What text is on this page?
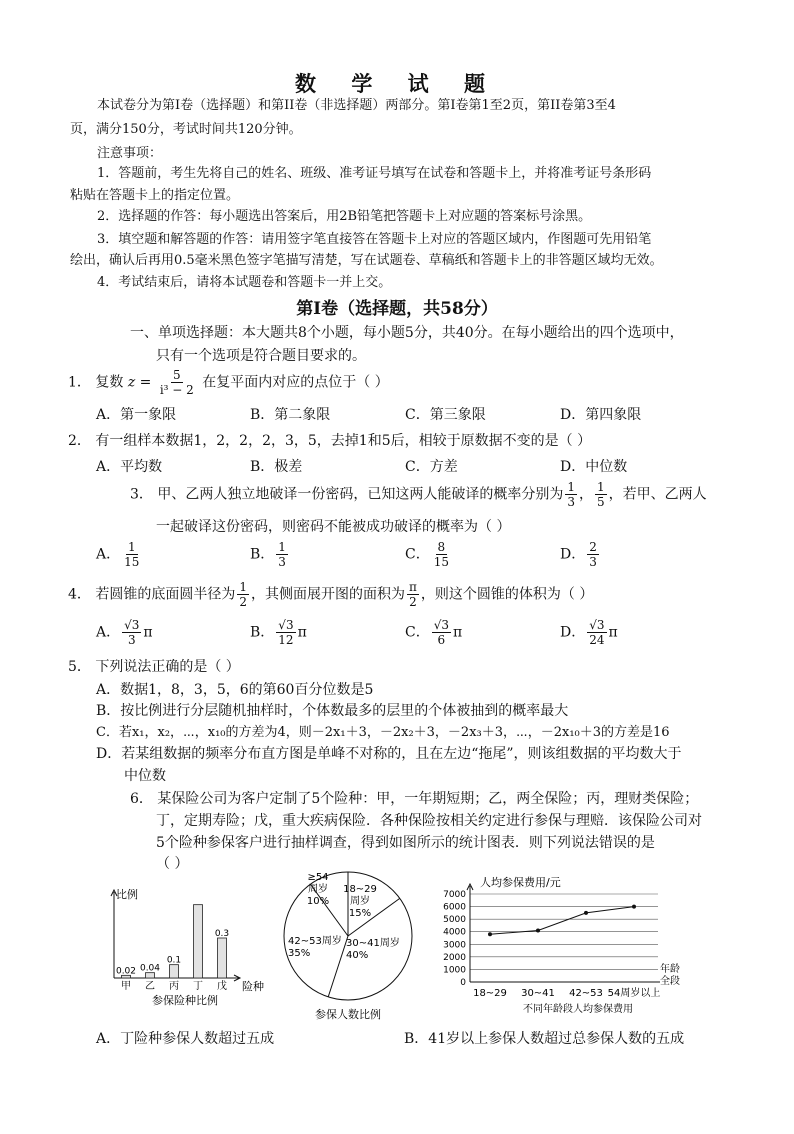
数 学 试 题
本试卷分为第I卷（选择题）和第II卷（非选择题）两部分。第I卷第1至2页，第II卷第3至4
页，满分150分，考试时间共120分钟。
注意事项：
1．答题前，考生先将自己的姓名、班级、准考证号填写在试卷和答题卡上，并将准考证号条形码
粘贴在答题卡上的指定位置。
2．选择题的作答：每小题选出答案后，用2B铅笔把答题卡上对应题的答案标号涂黑。
3．填空题和解答题的作答：请用签字笔直接答在答题卡上对应的答题区域内，作图题可先用铅笔
绘出，确认后再用0.5毫米黑色签字笔描写清楚，写在试题卷、草稿纸和答题卡上的非答题区域均无效。
4．考试结束后，请将本试题卷和答题卡一并上交。
第I卷（选择题，共58分）
一、单项选择题：本大题共8个小题，每小题5分，共40分。在每小题给出的四个选项中，
只有一个选项是符合题目要求的。
1． 复数 $z = \frac{5}{\text{i³ − 2}}$ 在复平面内对应的点位于（ ）
A．第一象限	B．第二象限	C．第三象限	D．第四象限
2． 有一组样本数据1，2，2，2，3，5，去掉1和5后，相较于原数据不变的是（ ）
A．平均数	B．极差	C．方差	D．中位数
3． 甲、乙两人独立地破译一份密码，已知这两人能破译的概率分别为 $\frac{1}{3}$ ， $\frac{1}{5}$ ，若甲、乙两人
一起破译这份密码，则密码不能被成功破译的概率为（ ）
A． $\frac{1}{15}$	B． $\frac{1}{3}$	C． $\frac{8}{15}$	D． $\frac{2}{3}$
4． 若圆锥的底面圆半径为 $\frac{1}{2}$ ，其侧面展开图的面积为 $\frac{\pi}{2}$ ，则这个圆锥的体积为（ ）
A． $\frac{√3}{3}$ π	B． $\frac{√3}{12}$ π	C． $\frac{√3}{6}$ π	D． $\frac{√3}{24}$ π
5． 下列说法正确的是（ ）
A．数据1，8，3，5，6的第60百分位数是5
B．按比例进行分层随机抽样时，个体数最多的层里的个体被抽到的概率最大
C．若x₁，x₂，⋯，x₁₀的方差为4，则－2x₁＋3，－2x₂＋3，－2x₃＋3，⋯，－2x₁₀＋3的方差是16
D．若某组数据的频率分布直方图是单峰不对称的，且在左边“拖尾”，则该组数据的平均数大于
中位数
6． 某保险公司为客户定制了5个险种：甲，一年期短期；乙，两全保险；丙，理财类保险；
丁，定期寿险；戊，重大疾病保险．各种保险按相关约定进行参保与理赔．该保险公司对
5个险种参保客户进行抽样调查，得到如图所示的统计图表．则下列说法错误的是
（ ）
甲
0.02
乙
0.04
丙
0.1
丁 戊
0.3
比例
险种
参保险种比例
≥54
周岁
10%
18~29
周岁
15%
30~41周岁
40%
42~53周岁
35%
参保人数比例
0
1000
2000
3000
4000
5000
6000
7000
18~29 30~41 42~53 54周岁以上
人均参保费用/元
年龄
全段
不同年龄段人均参保费用
A．丁险种参保人数超过五成	B．41岁以上参保人数超过总参保人数的五成
